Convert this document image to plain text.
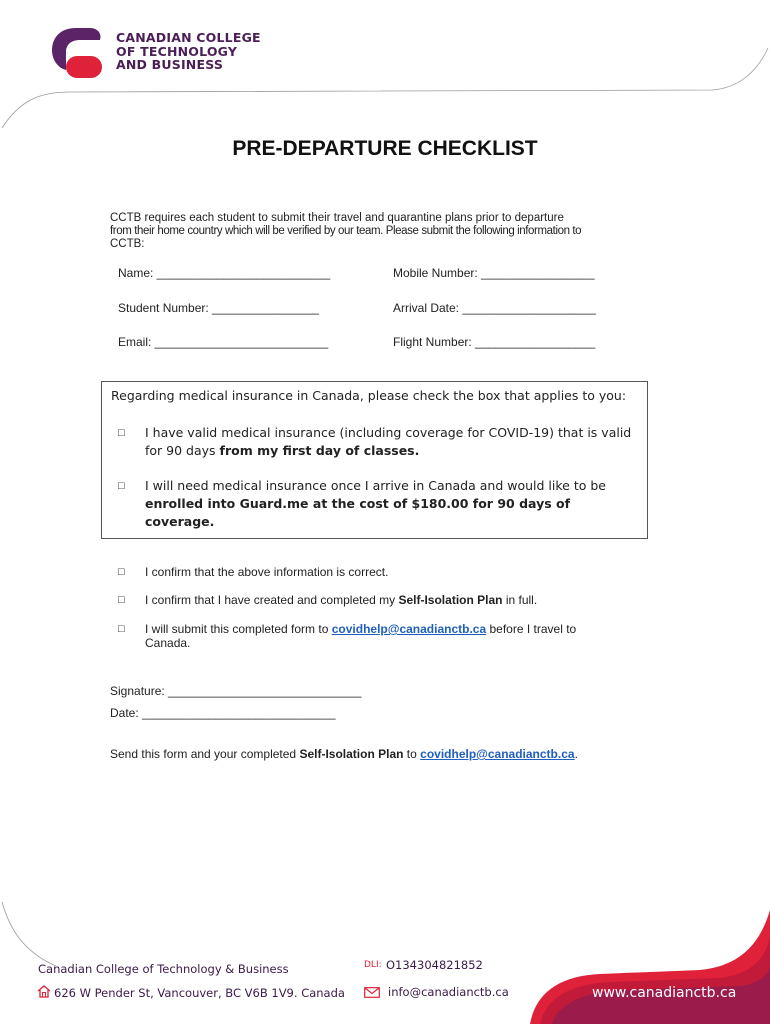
CANADIAN COLLEGE
OF TECHNOLOGY
AND BUSINESS
PRE-DEPARTURE CHECKLIST
CCTB requires each student to submit their travel and quarantine plans prior to departure
from their home country which will be verified by our team. Please submit the following information to
CCTB:
Name: __________________________	Mobile Number: _________________
Student Number: ________________	Arrival Date: ____________________
Email: __________________________	Flight Number: __________________
Regarding medical insurance in Canada, please check the box that applies to you:
□ I have valid medical insurance (including coverage for COVID-19) that is valid
for 90 days from my first day of classes.
□ I will need medical insurance once I arrive in Canada and would like to be
enrolled into Guard.me at the cost of $180.00 for 90 days of coverage.
□ I confirm that the above information is correct.
□ I confirm that I have created and completed my Self-Isolation Plan in full.
□ I will submit this completed form to covidhelp@canadianctb.ca before I travel to
Canada.
Signature: _____________________________
Date: _____________________________
Send this form and your completed Self-Isolation Plan to covidhelp@canadianctb.ca.
Canadian College of Technology & Business
626 W Pender St, Vancouver, BC V6B 1V9. Canada
DLI: O134304821852
info@canadianctb.ca	www.canadianctb.ca
